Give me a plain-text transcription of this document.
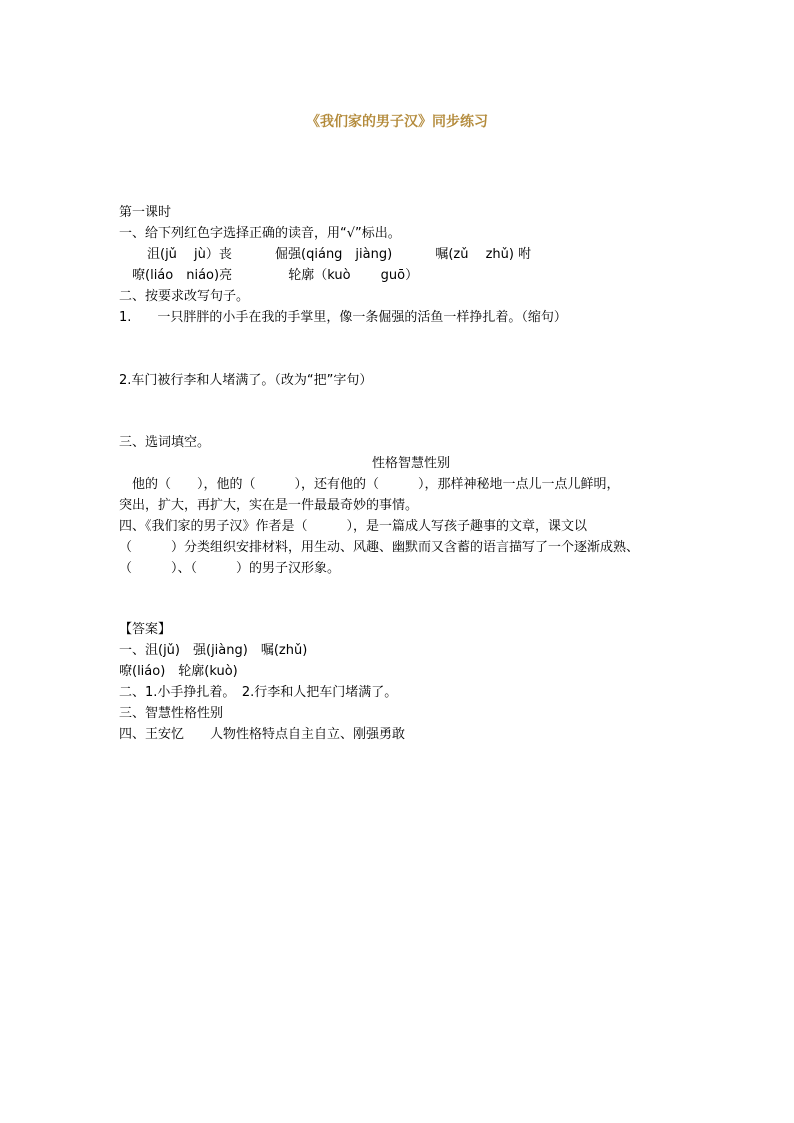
《我们家的男子汉》同步练习
第一课时
一、给下列红色字选择正确的读音，用“√”标出。
沮(jǔ　 jù）丧　　　 倔强(qiáng　jiàng)　　　 嘱(zǔ　 zhǔ) 咐
　嘹(liáo　niáo)亮　　　　 轮廓（kuò　　 guō）
二、按要求改写句子。
1.　　一只胖胖的小手在我的手掌里，像一条倔强的活鱼一样挣扎着。（缩句）
2.车门被行李和人堵满了。（改为“把”字句）
三、选词填空。
性格智慧性别
　他的（　　），他的（　　　），还有他的（　　　），那样神秘地一点儿一点儿鲜明，
突出，扩大，再扩大，实在是一件最最奇妙的事情。
四、《我们家的男子汉》作者是（　　　），是一篇成人写孩子趣事的文章，课文以
（　　　）分类组织安排材料，用生动、风趣、幽默而又含蓄的语言描写了一个逐渐成熟、
（　　　）、（　　　）的男子汉形象。
【答案】
一、沮(jǔ)　强(jiàng)　嘱(zhǔ)
嘹(liáo)　轮廓(kuò)
二、1.小手挣扎着。　2.行李和人把车门堵满了。
三、智慧性格性别
四、王安忆　　人物性格特点自主自立、刚强勇敢
